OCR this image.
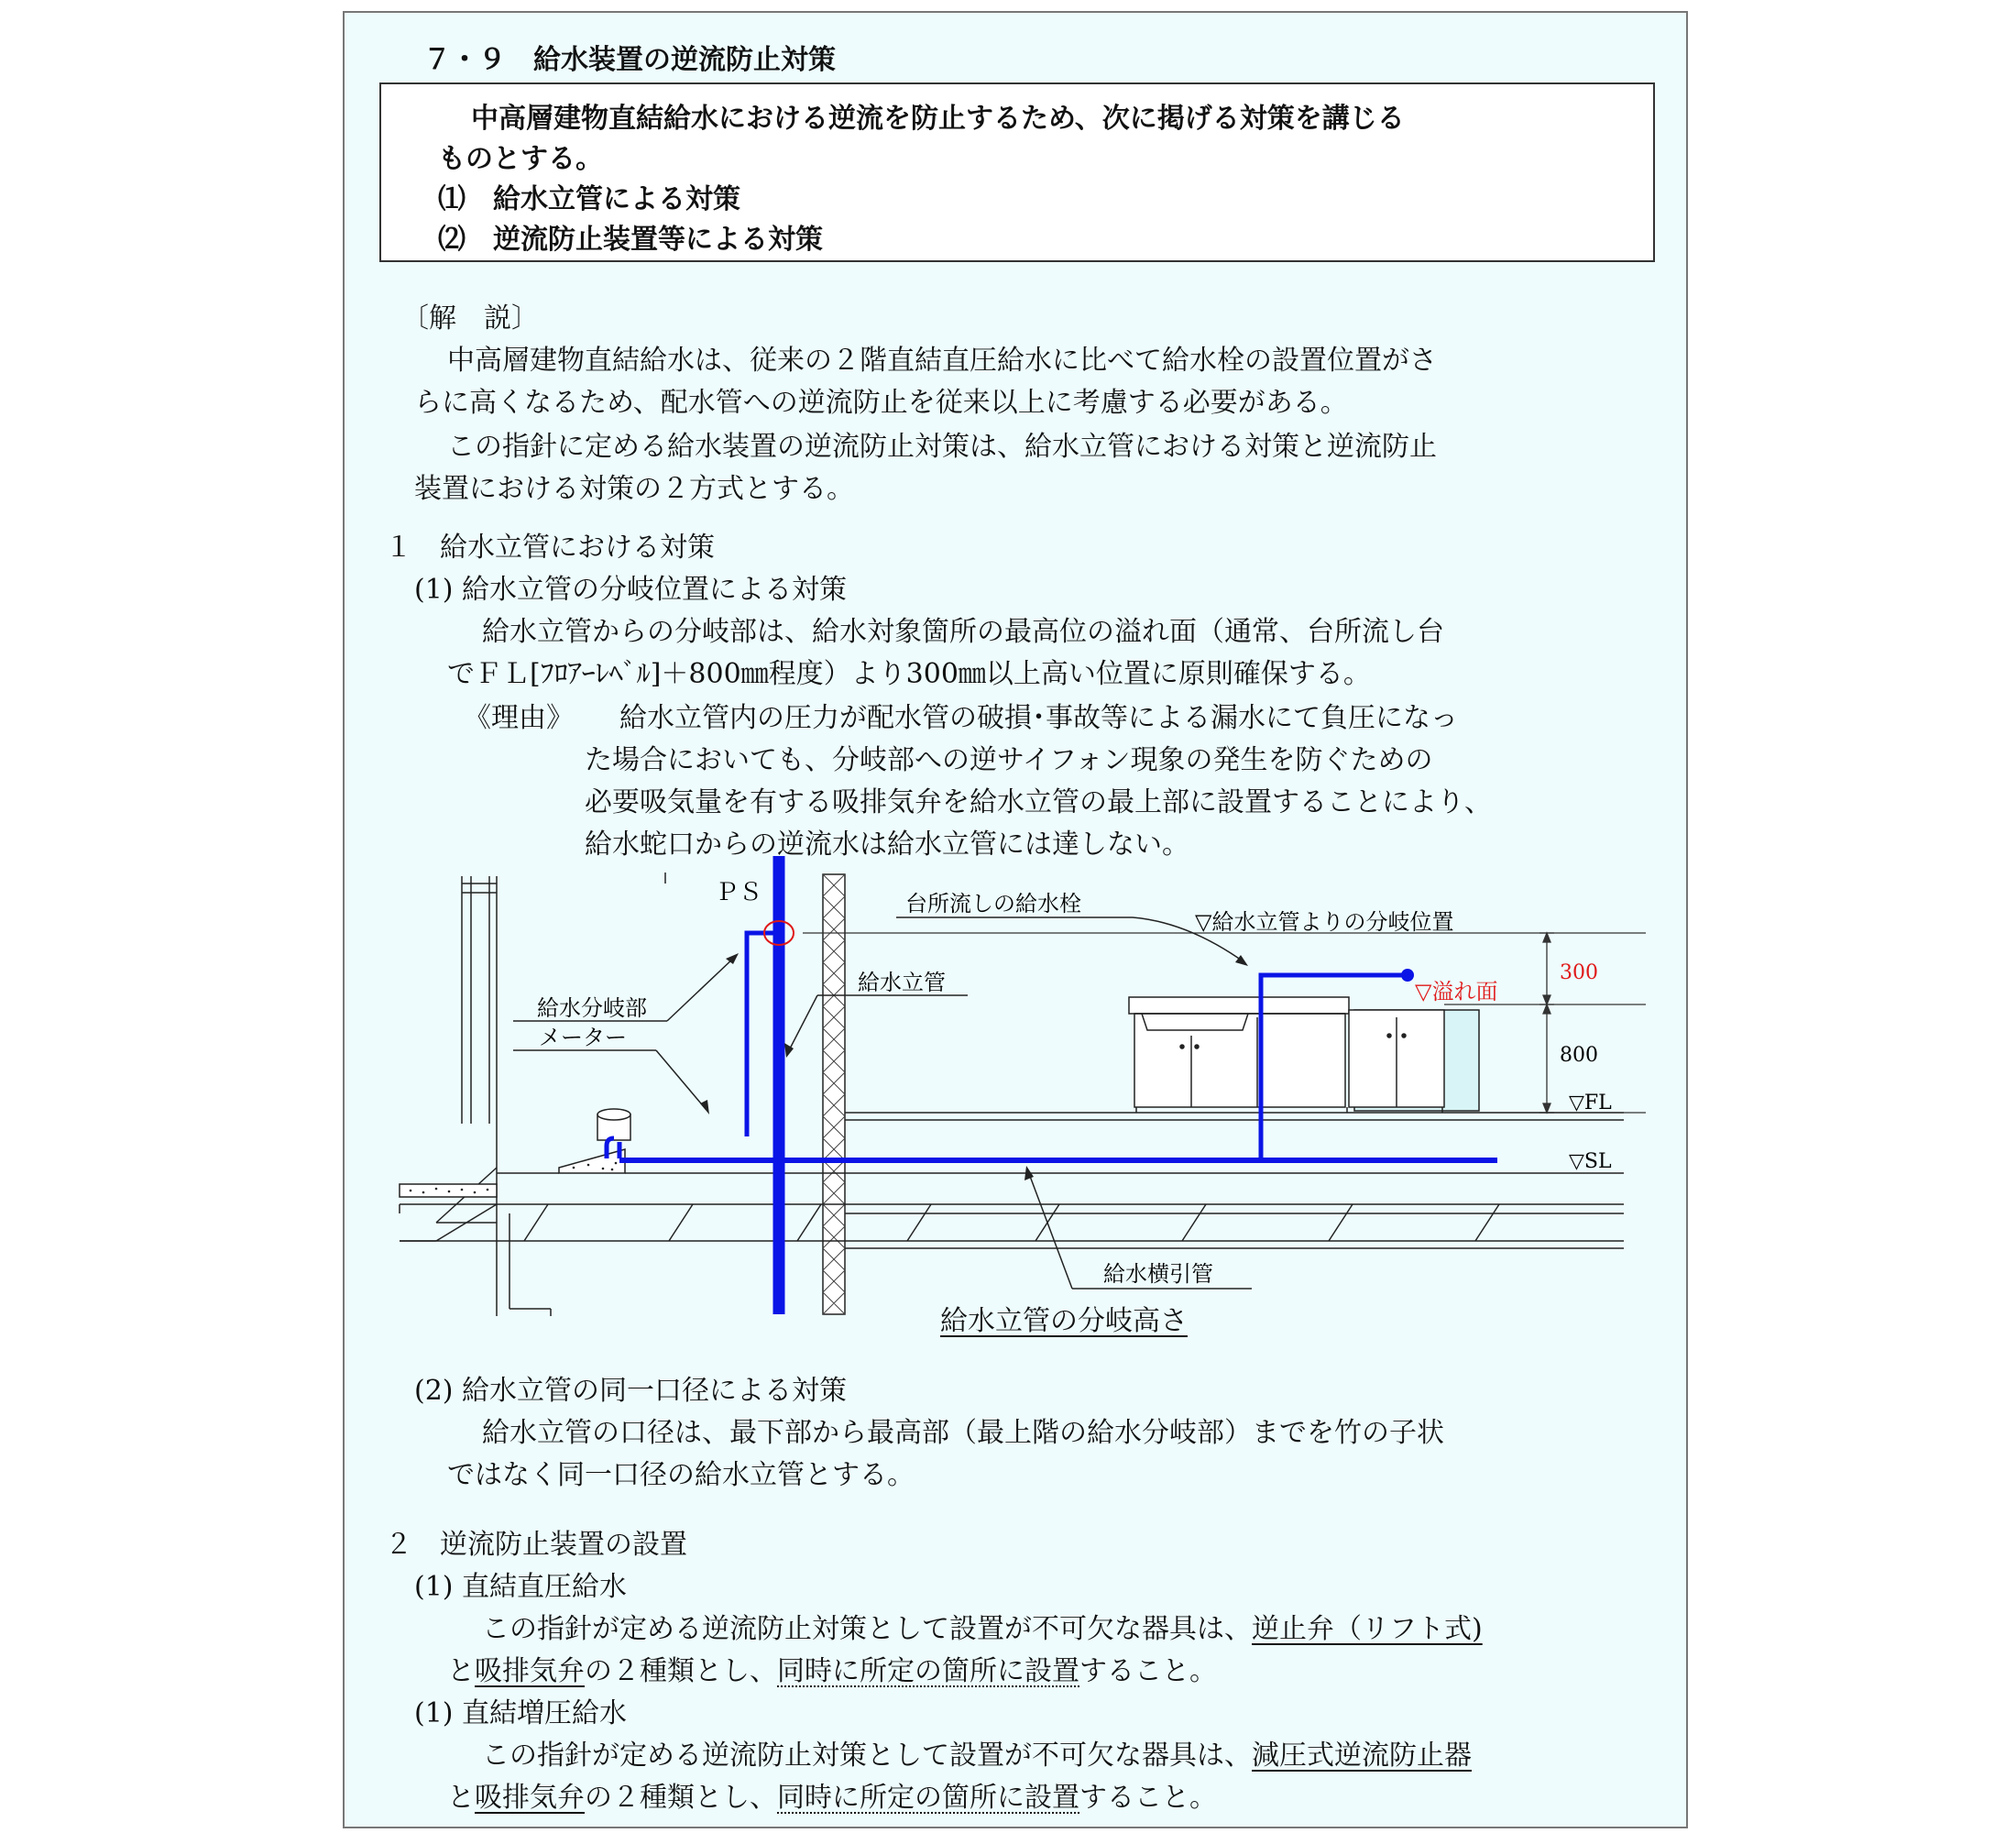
７・９　給水装置の逆流防止対策
中高層建物直結給水における逆流を防止するため、次に掲げる対策を講じる
ものとする。
⑴　給水立管による対策
⑵　逆流防止装置等による対策
〔解　説〕
中高層建物直結給水は、従来の２階直結直圧給水に比べて給水栓の設置位置がさ
らに高くなるため、配水管への逆流防止を従来以上に考慮する必要がある。
この指針に定める給水装置の逆流防止対策は、給水立管における対策と逆流防止
装置における対策の２方式とする。
１　給水立管における対策
(1) 給水立管の分岐位置による対策
給水立管からの分岐部は、給水対象箇所の最高位の溢れ面（通常、台所流し台
でＦＬ[ﾌﾛｱｰﾚﾍﾞﾙ]＋800㎜程度）より300㎜以上高い位置に原則確保する。
《理由》 給水立管内の圧力が配水管の破損･事故等による漏水にて負圧になっ
た場合においても、分岐部への逆サイフォン現象の発生を防ぐための
必要吸気量を有する吸排気弁を給水立管の最上部に設置することにより、
給水蛇口からの逆流水は給水立管には達しない。
ＰＳ	台所流しの給水栓
▽給水立管よりの分岐位置
給水立管
給水分岐部
メーター
▽溢れ面
300
800
▽FL
▽SL
給水横引管
給水立管の分岐高さ
(2) 給水立管の同一口径による対策
給水立管の口径は、最下部から最高部（最上階の給水分岐部）までを竹の子状
ではなく同一口径の給水立管とする。
２　逆流防止装置の設置
(1) 直結直圧給水
この指針が定める逆流防止対策として設置が不可欠な器具は、逆止弁（リフト式)
と吸排気弁の２種類とし、同時に所定の箇所に設置すること。
(1) 直結増圧給水
この指針が定める逆流防止対策として設置が不可欠な器具は、減圧式逆流防止器
と吸排気弁の２種類とし、同時に所定の箇所に設置すること。
